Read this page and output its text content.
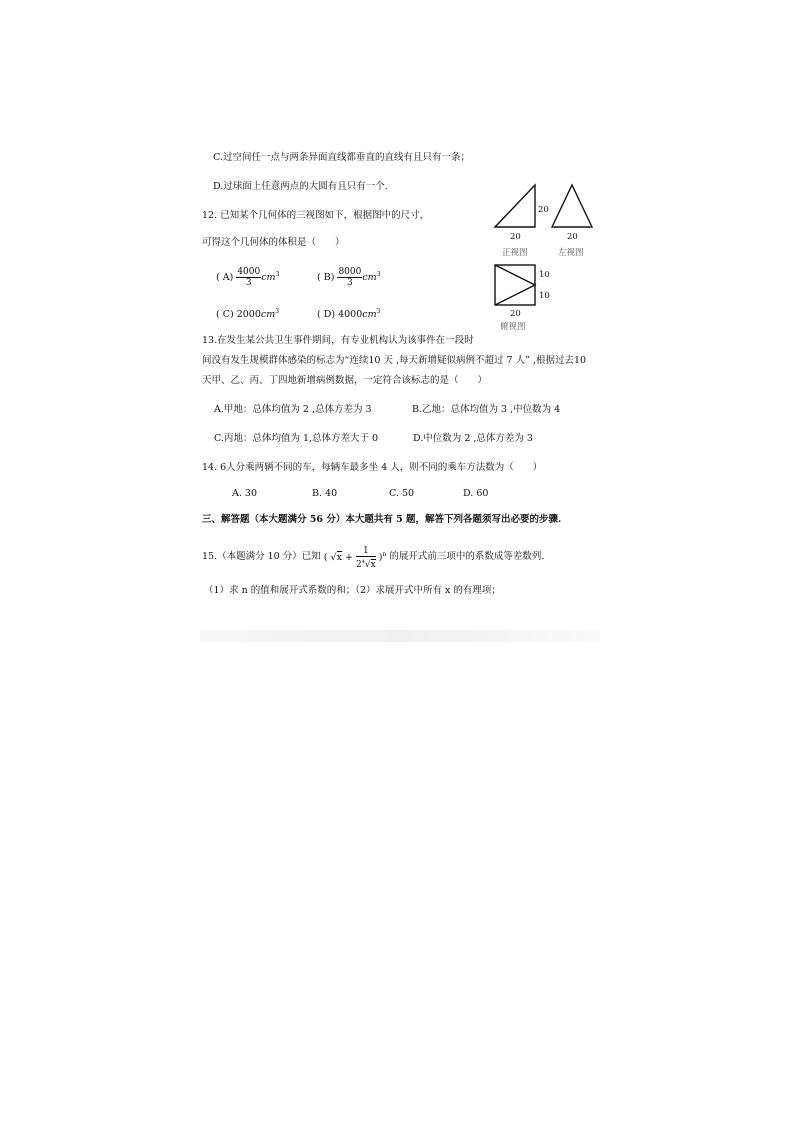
C.过空间任一点与两条异面直线都垂直的直线有且只有一条；
D.过球面上任意两点的大圆有且只有一个.
12. 已知某个几何体的三视图如下，根据图中的尺寸，
可得这个几何体的体积是（　　）
( $A) \frac{4000}{3} cm^3$	( $B) \frac{8000}{3} cm^3$
( C) $2000cm^3$	( D) $4000cm^3$
20
20
正视图
20
左视图
10
10
20
俯视图
13.在发生某公共卫生事件期间，有专业机构认为该事件在一段时
间没有发生规模群体感染的标志为“连续10 天 ,每天新增疑似病例不超过 7 人” ,根据过去10
天甲、乙、丙、丁四地新增病例数据，一定符合该标志的是（　　）
A.甲地：总体均值为 2 ,总体方差为 3	B.乙地：总体均值为 3 ,中位数为 4
C.丙地：总体均值为 1,总体方差大于 0	D.中位数为 2 ,总体方差为 3
14. 6人分乘两辆不同的车，每辆车最多坐 4 人，则不同的乘车方法数为（　　）
A. 30	B. 40	C. 50	D. 60
三、解答题（本大题满分 56 分）本大题共有 5 题，解答下列各题须写出必要的步骤.
15.（本题满分 10 分）已知 ( $√x + \frac{1}{2^4√x} )^n$ 的展开式前三项中的系数成等差数列.
（1）求 n 的值和展开式系数的和；（2）求展开式中所有 x 的有理项；
